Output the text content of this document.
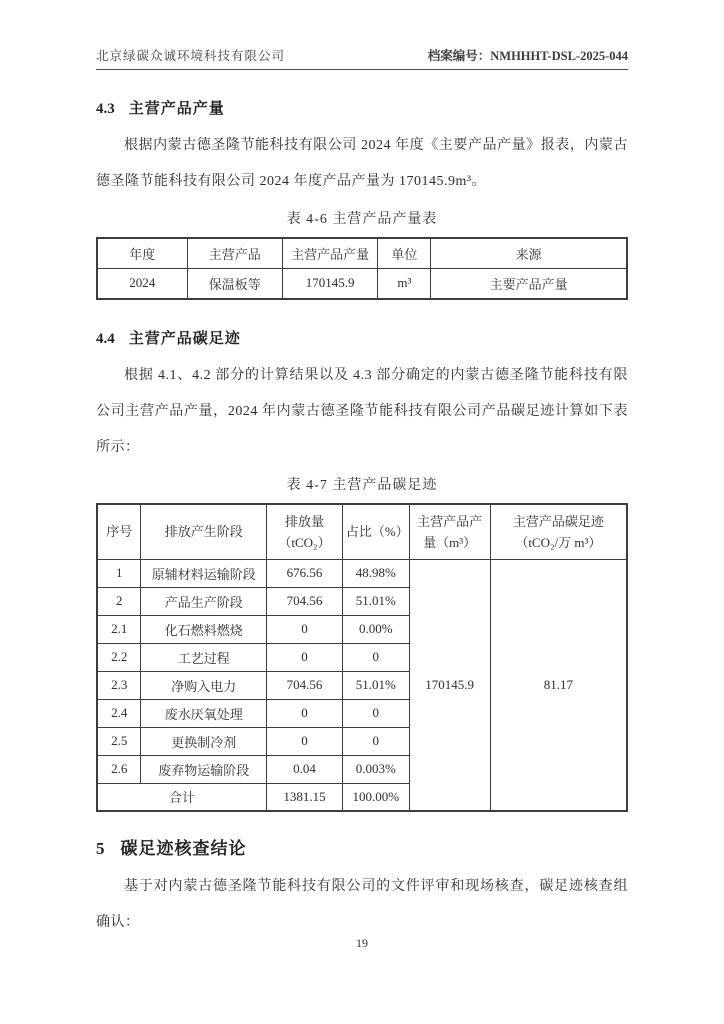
北京绿碳众诚环境科技有限公司	档案编号：NMHHHT-DSL-2025-044
4.3 主营产品产量

根据内蒙古德圣隆节能科技有限公司 2024 年度《主要产品产量》报表，内蒙古德圣隆节能科技有限公司 2024 年度产品产量为 170145.9m³。

表 4-6 主营产品产量表
年度	主营产品	主营产品产量	单位	来源
2024	保温板等	170145.9	m³	主要产品产量
4.4 主营产品碳足迹

根据 4.1、4.2 部分的计算结果以及 4.3 部分确定的内蒙古德圣隆节能科技有限公司主营产品产量，2024 年内蒙古德圣隆节能科技有限公司产品碳足迹计算如下表所示：

表 4-7 主营产品碳足迹
序号	排放产生阶段	排放量（tCO₂）	占比（%）	主营产品产量（m³）	主营产品碳足迹（tCO₂/万 m³）
1	原辅材料运输阶段	676.56	48.98%	170145.9	81.17
2	产品生产阶段	704.56	51.01%		
2.1	化石燃料燃烧	0	0.00%		
2.2	工艺过程	0	0		
2.3	净购入电力	704.56	51.01%		
2.4	废水厌氧处理	0	0		
2.5	更换制冷剂	0	0		
2.6	废弃物运输阶段	0.04	0.003%		
合计		1381.15	100.00%		
5 碳足迹核查结论

基于对内蒙古德圣隆节能科技有限公司的文件评审和现场核查，碳足迹核查组确认：

19
